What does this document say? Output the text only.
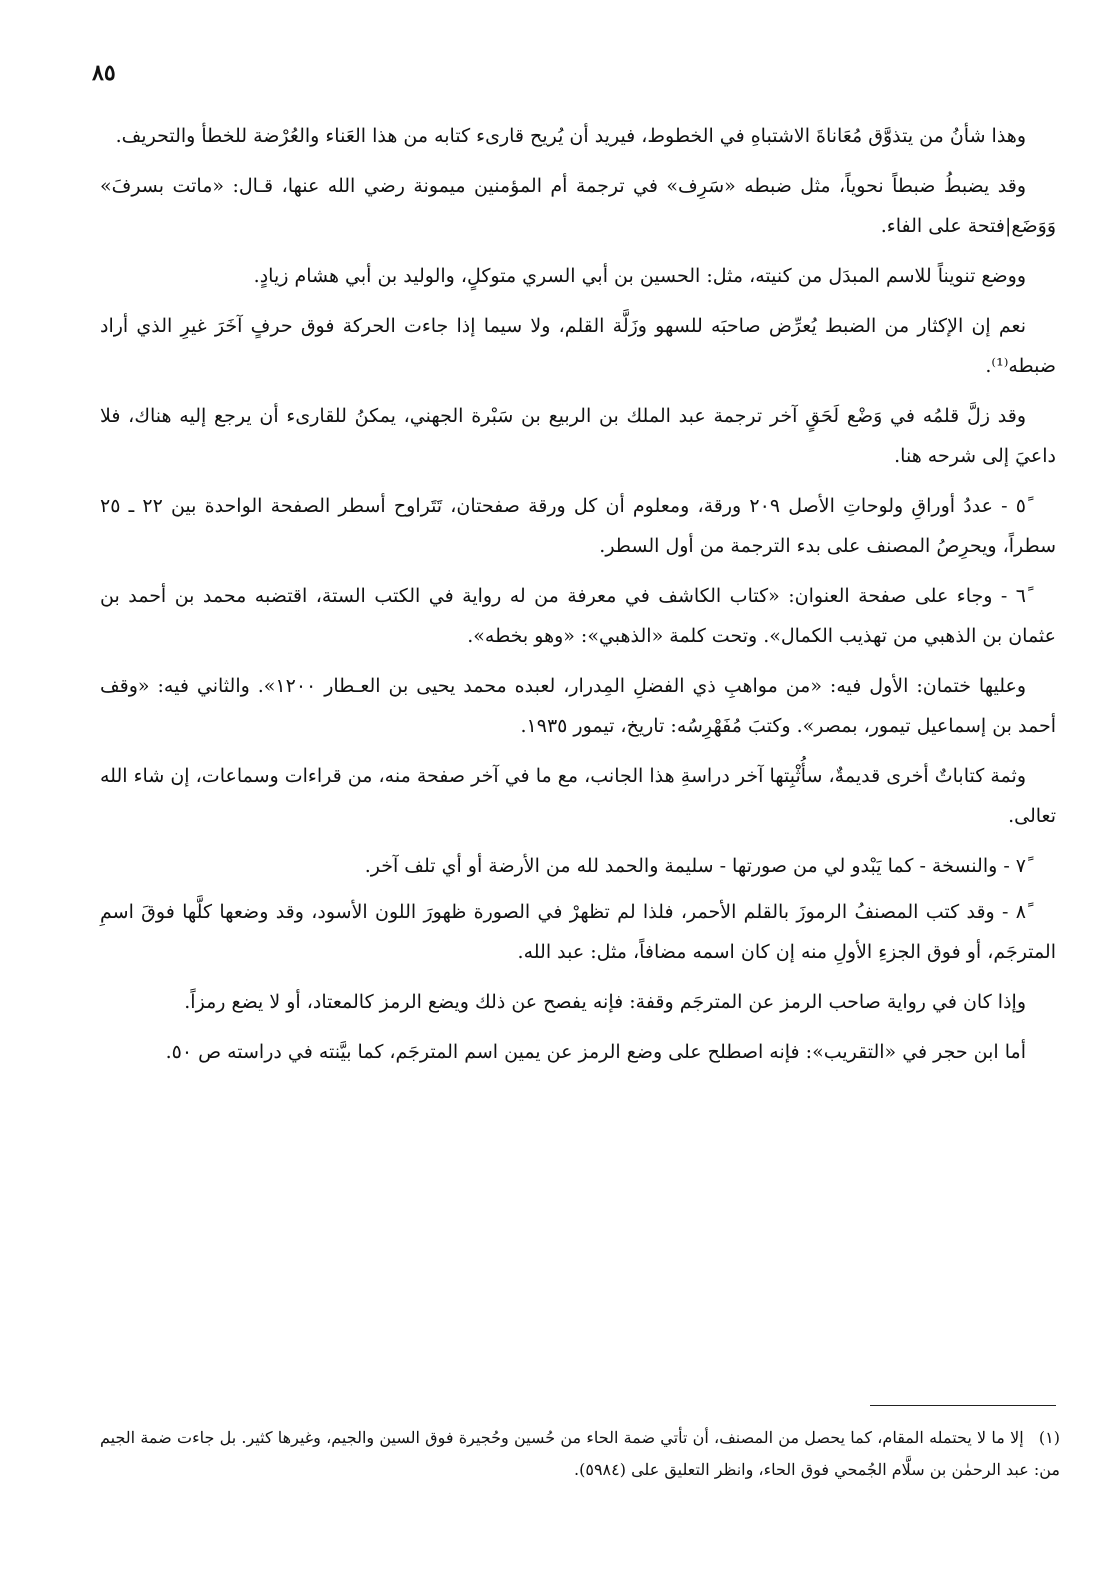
٨٥

وهذا شأنُ من يتذوَّق مُعَاناةَ الاشتباهِ في الخطوط، فيريد أن يُريح قارىء كتابه من هذا العَناء والعُرْضة للخطأ والتحريف.

وقد يضبطُ ضبطاً نحوياً، مثل ضبطه «سَرِف» في ترجمة أم المؤمنين ميمونة رضي الله عنها، قـال: «ماتت بسرفَ» وَوَضَع|فتحة على الفاء.

ووضع تنويناً للاسم المبدَل من كنيته، مثل: الحسين بن أبي السري متوكلٍ، والوليد بن أبي هشام زيادٍ.

نعم إن الإكثار من الضبط يُعرِّض صاحبَه للسهو وزَلَّة القلم، ولا سيما إذا جاءت الحركة فوق حرفٍ آخَرَ غيرِ الذي أراد ضبطه⁽¹⁾.

وقد زلَّ قلمُه في وَضْع لَحَقٍ آخر ترجمة عبد الملك بن الربيع بن سَبْرة الجهني، يمكنُ للقارىء أن يرجع إليه هناك، فلا داعيَ إلى شرحه هنا.

٥ً - عددُ أوراقِ ولوحاتِ الأصل ٢٠٩ ورقة، ومعلوم أن كل ورقة صفحتان، تَتَراوح أسطر الصفحة الواحدة بين ٢٢ ـ ٢٥ سطراً، ويحرِصُ المصنف على بدء الترجمة من أول السطر.

٦ً - وجاء على صفحة العنوان: «كتاب الكاشف في معرفة من له رواية في الكتب الستة، اقتضبه محمد بن أحمد بن عثمان بن الذهبي من تهذيب الكمال». وتحت كلمة «الذهبي»: «وهو بخطه».

وعليها ختمان: الأول فيه: «من مواهبِ ذي الفضلِ المِدرار، لعبده محمد يحيى بن العـطار ١٢٠٠». والثاني فيه: «وقف أحمد بن إسماعيل تيمور، بمصر». وكتبَ مُفَهْرِسُه: تاريخ، تيمور ١٩٣٥.

وثمة كتاباتٌ أخرى قديمةٌ، سأُثْبِتها آخر دراسةِ هذا الجانب، مع ما في آخر صفحة منه، من قراءات وسماعات، إن شاء الله تعالى.

٧ً - والنسخة - كما يَبْدو لي من صورتها - سليمة والحمد لله من الأرضة أو أي تلف آخر.

٨ً - وقد كتب المصنفُ الرموزَ بالقلم الأحمر، فلذا لم تظهرْ في الصورة ظهورَ اللون الأسود، وقد وضعها كلَّها فوقَ اسمِ المترجَم، أو فوق الجزءِ الأولِ منه إن كان اسمه مضافاً، مثل: عبد الله.

وإذا كان في رواية صاحب الرمز عن المترجَم وقفة: فإنه يفصح عن ذلك ويضع الرمز كالمعتاد، أو لا يضع رمزاً.

أما ابن حجر في «التقريب»: فإنه اصطلح على وضع الرمز عن يمين اسم المترجَم، كما بيَّنته في دراسته ص ٥٠.

(١) إلا ما لا يحتمله المقام، كما يحصل من المصنف، أن تأتي ضمة الحاء من حُسين وحُجيرة فوق السين والجيم، وغيرها كثير. بل جاءت ضمة الجيم من: عبد الرحمٰن بن سلَّام الجُمحي فوق الحاء، وانظر التعليق على (٥٩٨٤).
